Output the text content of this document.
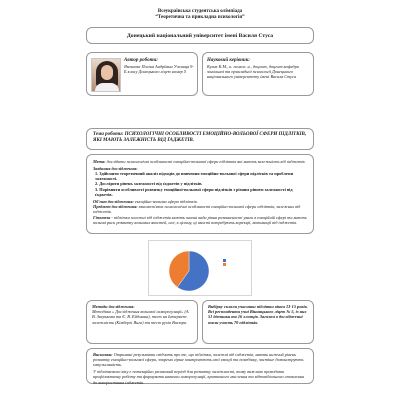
Всеукраїнська студентська олімпіада
“Теоретична та прикладна психологія”
Донецький національний університет імені Василя Стуса
Автор роботи:
Яковлєва Поліна Андріївна Учениця 9-Б класу Донецького ліцею номер 5
Науковий керівник:
Кулик К.М., к. психол. н., доцент, доцент кафедри загальної та прикладної психології Донецького національного університету імені Василя Стуса
Тема роботи: ПСИХОЛОГІЧНІ ОСОБЛИВОСТІ ЕМОЦІЙНО-ВОЛЬОВОЇ СФЕРИ ПІДЛІТКІВ, ЯКІ МАЮТЬ ЗАЛЕЖНІСТЬ ВІД ҐАДЖЕТІВ.
Мета: дослідити психологічні особливості емоційно-вольової сфери підлітків які мають залежність від ґаджетів.
Завдання дослідження:
1. Здійснити теоретичний аналіз підходів до вивчення емоційно-вольової сфери підлітків та проблеми залежності.
2. Дослідити рівень залежності від ґаджетів у підлітків.
3. Порівняти особливості розвитку емоційної-вольової сфери підлітків з різним рівнем залежності від ґаджетів.
Об'єкт дослідження: емоційно-вольова сфера підлітків.
Предмет дослідження: взаємозв'язок психологічні особливості емоційно-вольової сфери підлітків, залежних від ґаджетів.
Гіпотеза - підлітки залежні від ґаджетів мають значні вади рівня розвиненості уваги в емоційній сфері та мають вольові риси розвитку вольових якостей, але, в цілому, ці якості потребують корекції, мотивації від ґаджетів.
Методи дослідження:
Методика « Дослідження вольової саморегуляції» (А. В. Зверькова та Є. В. Ейдмана), тест на Інтернет-залежність (Кімберлі Янга) та тест рухів Васюра.
Вибірку склали учасники підлітки віком 13-15 років. Всі респонденти учні Вінницького ліцею № 5, із них 51 дівчинки та 16 хлопців. Загалом в дослідженні взяли участь 70 підлітків.
Висновки: Отримані результати свідчать про те, що підлітки, залежні від ґаджетів, мають нижчий рівень розвитку емоційно-вольової сфери, зокрема гірше контролюють свої емоції та поведінку, частіше демонструють імпульсивність.
У підліткового віку є потенційно ризиковий період для розвитку залежності, тому важливо проводити профілактичну роботу та формувати навички саморегуляції, критичного мислення та відповідального ставлення до використання ґаджетів.
